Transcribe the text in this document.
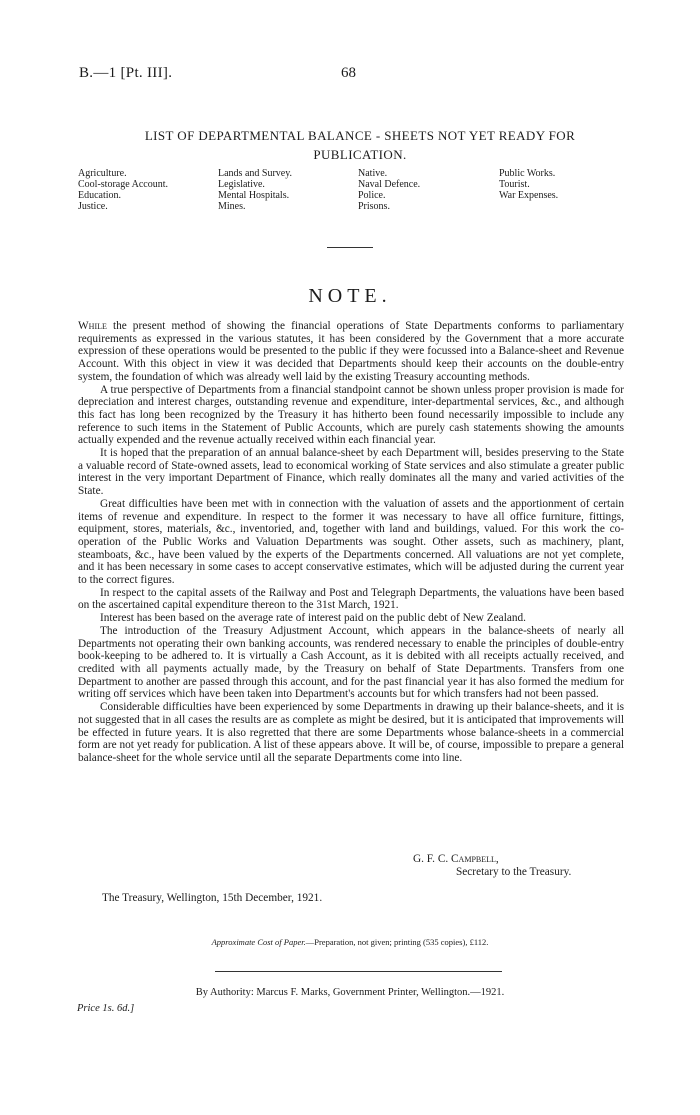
B.—1 [Pt. III].	68
LIST OF DEPARTMENTAL BALANCE - SHEETS NOT YET READY FOR
PUBLICATION.
Agriculture.
Cool-storage Account.
Education.
Justice.
Lands and Survey.
Legislative.
Mental Hospitals.
Mines.
Native.
Naval Defence.
Police.
Prisons.
Public Works.
Tourist.
War Expenses.
NOTE.

While the present method of showing the financial operations of State Departments conforms to parliamentary requirements as expressed in the various statutes, it has been considered by the Government that a more accurate expression of these operations would be presented to the public if they were focussed into a Balance-sheet and Revenue Account. With this object in view it was decided that Departments should keep their accounts on the double-entry system, the foundation of which was already well laid by the existing Treasury accounting methods.

A true perspective of Departments from a financial standpoint cannot be shown unless proper provision is made for depreciation and interest charges, outstanding revenue and expenditure, inter-departmental services, &c., and although this fact has long been recognized by the Treasury it has hitherto been found necessarily impossible to include any reference to such items in the Statement of Public Accounts, which are purely cash statements showing the amounts actually expended and the revenue actually received within each financial year.

It is hoped that the preparation of an annual balance-sheet by each Department will, besides preserving to the State a valuable record of State-owned assets, lead to economical working of State services and also stimulate a greater public interest in the very important Department of Finance, which really dominates all the many and varied activities of the State.

Great difficulties have been met with in connection with the valuation of assets and the apportionment of certain items of revenue and expenditure. In respect to the former it was necessary to have all office furniture, fittings, equipment, stores, materials, &c., inventoried, and, together with land and buildings, valued. For this work the co-operation of the Public Works and Valuation Departments was sought. Other assets, such as machinery, plant, steamboats, &c., have been valued by the experts of the Departments concerned. All valuations are not yet complete, and it has been necessary in some cases to accept conservative estimates, which will be adjusted during the current year to the correct figures.

In respect to the capital assets of the Railway and Post and Telegraph Departments, the valuations have been based on the ascertained capital expenditure thereon to the 31st March, 1921.

Interest has been based on the average rate of interest paid on the public debt of New Zealand.

The introduction of the Treasury Adjustment Account, which appears in the balance-sheets of nearly all Departments not operating their own banking accounts, was rendered necessary to enable the principles of double-entry book-keeping to be adhered to. It is virtually a Cash Account, as it is debited with all receipts actually received, and credited with all payments actually made, by the Treasury on behalf of State Departments. Transfers from one Department to another are passed through this account, and for the past financial year it has also formed the medium for writing off services which have been taken into Department's accounts but for which transfers had not been passed.

Considerable difficulties have been experienced by some Departments in drawing up their balance-sheets, and it is not suggested that in all cases the results are as complete as might be desired, but it is anticipated that improvements will be effected in future years. It is also regretted that there are some Departments whose balance-sheets in a commercial form are not yet ready for publication. A list of these appears above. It will be, of course, impossible to prepare a general balance-sheet for the whole service until all the separate Departments come into line.

G. F. C. Campbell,
Secretary to the Treasury.
The Treasury, Wellington, 15th December, 1921.
Approximate Cost of Paper.—Preparation, not given; printing (535 copies), £112.
By Authority: Marcus F. Marks, Government Printer, Wellington.—1921.
Price 1s. 6d.]
